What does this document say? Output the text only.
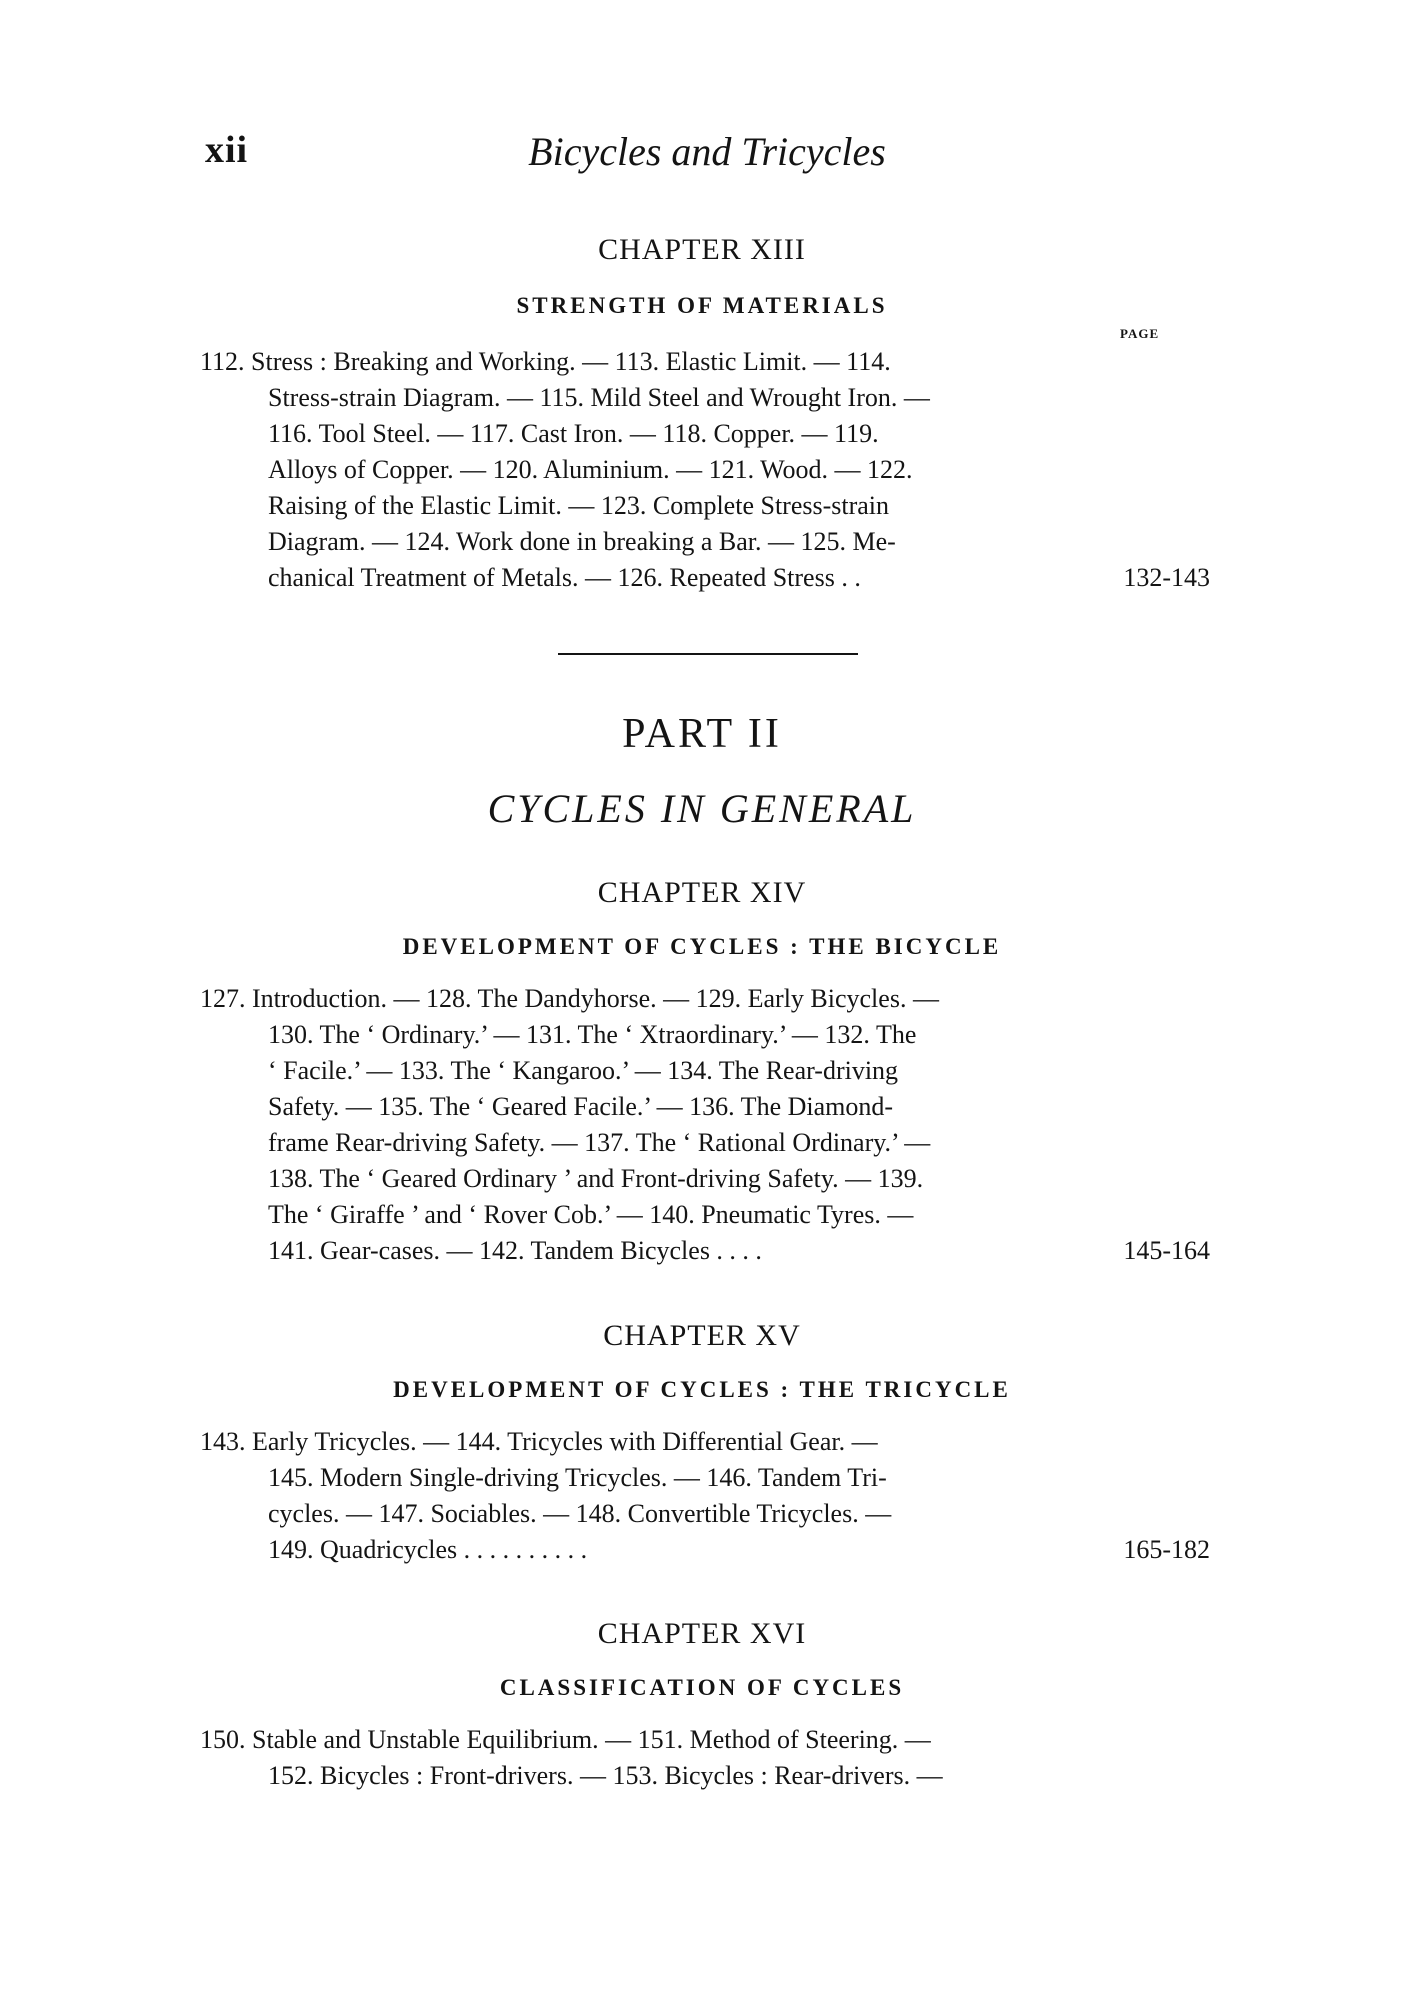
xii	Bicycles and Tricycles
CHAPTER XIII
STRENGTH OF MATERIALS
PAGE
112. Stress : Breaking and Working. — 113. Elastic Limit. — 114.
Stress-strain Diagram. — 115. Mild Steel and Wrought Iron. —
116. Tool Steel. — 117. Cast Iron. — 118. Copper. — 119.
Alloys of Copper. — 120. Aluminium. — 121. Wood. — 122.
Raising of the Elastic Limit. — 123. Complete Stress-strain
Diagram. — 124. Work done in breaking a Bar. — 125. Me-
chanical Treatment of Metals. — 126. Repeated Stress . .	132-143
PART II
CYCLES IN GENERAL
CHAPTER XIV
DEVELOPMENT OF CYCLES : THE BICYCLE
127. Introduction. — 128. The Dandyhorse. — 129. Early Bicycles. —
130. The ‘ Ordinary.’ — 131. The ‘ Xtraordinary.’ — 132. The
‘ Facile.’ — 133. The ‘ Kangaroo.’ — 134. The Rear-driving
Safety. — 135. The ‘ Geared Facile.’ — 136. The Diamond-
frame Rear-driving Safety. — 137. The ‘ Rational Ordinary.’ —
138. The ‘ Geared Ordinary ’ and Front-driving Safety. — 139.
The ‘ Giraffe ’ and ‘ Rover Cob.’ — 140. Pneumatic Tyres. —
141. Gear-cases. — 142. Tandem Bicycles . . . .	145-164
CHAPTER XV
DEVELOPMENT OF CYCLES : THE TRICYCLE
143. Early Tricycles. — 144. Tricycles with Differential Gear. —
145. Modern Single-driving Tricycles. — 146. Tandem Tri-
cycles. — 147. Sociables. — 148. Convertible Tricycles. —
149. Quadricycles . . . . . . . . . .	165-182
CHAPTER XVI
CLASSIFICATION OF CYCLES
150. Stable and Unstable Equilibrium. — 151. Method of Steering. —
152. Bicycles : Front-drivers. — 153. Bicycles : Rear-drivers. —
